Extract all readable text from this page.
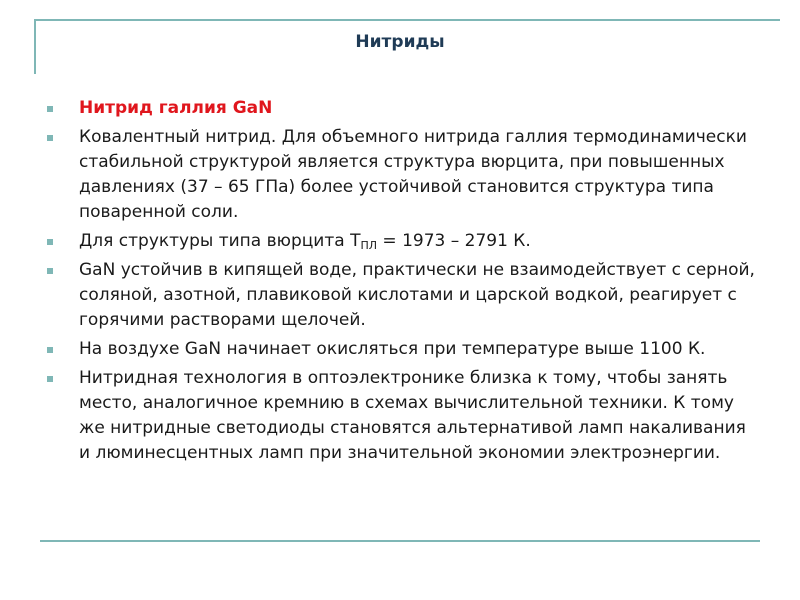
Нитриды
Нитрид галлия GaN
Ковалентный нитрид. Для объемного нитрида галлия термодинамически стабильной структурой является структура вюрцита, при повышенных давлениях (37 – 65 ГПа) более устойчивой становится структура типа поваренной соли.
Для структуры типа вюрцита $T_{ПЛ} = 1973 - 2791$ К.
GaN устойчив в кипящей воде, практически не взаимодействует с серной, соляной, азотной, плавиковой кислотами и царской водкой, реагирует с горячими растворами щелочей.
На воздухе GaN начинает окисляться при температуре выше 1100 К.
Нитридная технология в оптоэлектронике близка к тому, чтобы занять место, аналогичное кремнию в схемах вычислительной техники. К тому же нитридные светодиоды становятся альтернативой ламп накаливания и люминесцентных ламп при значительной экономии электроэнергии.
